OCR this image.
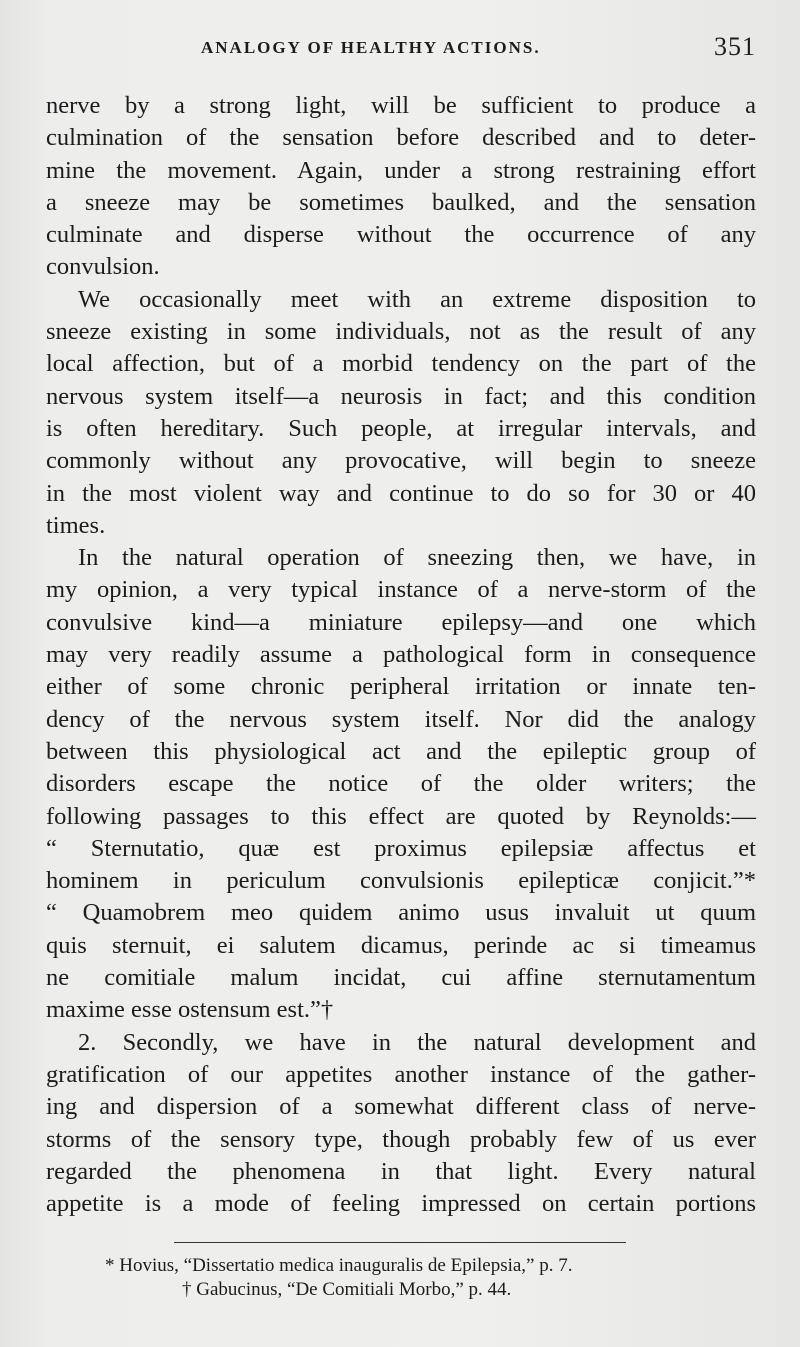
ANALOGY OF HEALTHY ACTIONS.	351
nerve by a strong light, will be sufficient to produce a
culmination of the sensation before described and to deter-
mine the movement. Again, under a strong restraining effort
a sneeze may be sometimes baulked, and the sensation
culminate and disperse without the occurrence of any
convulsion.
We occasionally meet with an extreme disposition to
sneeze existing in some individuals, not as the result of any
local affection, but of a morbid tendency on the part of the
nervous system itself—a neurosis in fact; and this condition
is often hereditary. Such people, at irregular intervals, and
commonly without any provocative, will begin to sneeze
in the most violent way and continue to do so for 30 or 40
times.
In the natural operation of sneezing then, we have, in
my opinion, a very typical instance of a nerve-storm of the
convulsive kind—a miniature epilepsy—and one which
may very readily assume a pathological form in consequence
either of some chronic peripheral irritation or innate ten-
dency of the nervous system itself. Nor did the analogy
between this physiological act and the epileptic group of
disorders escape the notice of the older writers; the
following passages to this effect are quoted by Reynolds:—
“ Sternutatio, quæ est proximus epilepsiæ affectus et
hominem in periculum convulsionis epilepticæ conjicit.”*
“ Quamobrem meo quidem animo usus invaluit ut quum
quis sternuit, ei salutem dicamus, perinde ac si timeamus
ne comitiale malum incidat, cui affine sternutamentum
maxime esse ostensum est.”†
2. Secondly, we have in the natural development and
gratification of our appetites another instance of the gather-
ing and dispersion of a somewhat different class of nerve-
storms of the sensory type, though probably few of us ever
regarded the phenomena in that light. Every natural
appetite is a mode of feeling impressed on certain portions
* Hovius, “Dissertatio medica inauguralis de Epilepsia,” p. 7.
† Gabucinus, “De Comitiali Morbo,” p. 44.
